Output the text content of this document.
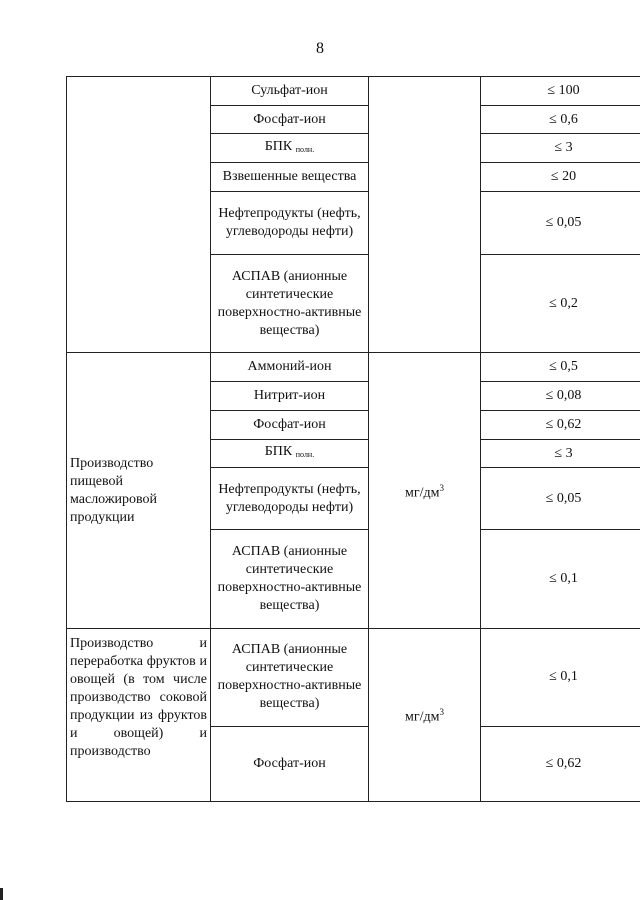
8
	Сульфат-ион		≤ 100
	Фосфат-ион		≤ 0,6
	БПК $_{полн.}$		≤ 3
	Взвешенные вещества		≤ 20
	Нефтепродукты (нефть, углеводороды нефти)		≤ 0,05
	АСПАВ (анионные синтетические поверхностно-активные вещества)		≤ 0,2
Производство пищевой масложировой продукции	Аммоний-ион	$мг/дм^3$	≤ 0,5
	Нитрит-ион		≤ 0,08
	Фосфат-ион		≤ 0,62
	БПК $_{полн.}$		≤ 3
	Нефтепродукты (нефть, углеводороды нефти)		≤ 0,05
	АСПАВ (анионные синтетические поверхностно-активные вещества)		≤ 0,1

Производство и переработка фруктов и овощей (в том числе производство соковой продукции из фруктов и овощей) и производство	АСПАВ (анионные синтетические поверхностно-активные вещества)	$мг/дм^3$	≤ 0,1
	Фосфат-ион		≤ 0,62
